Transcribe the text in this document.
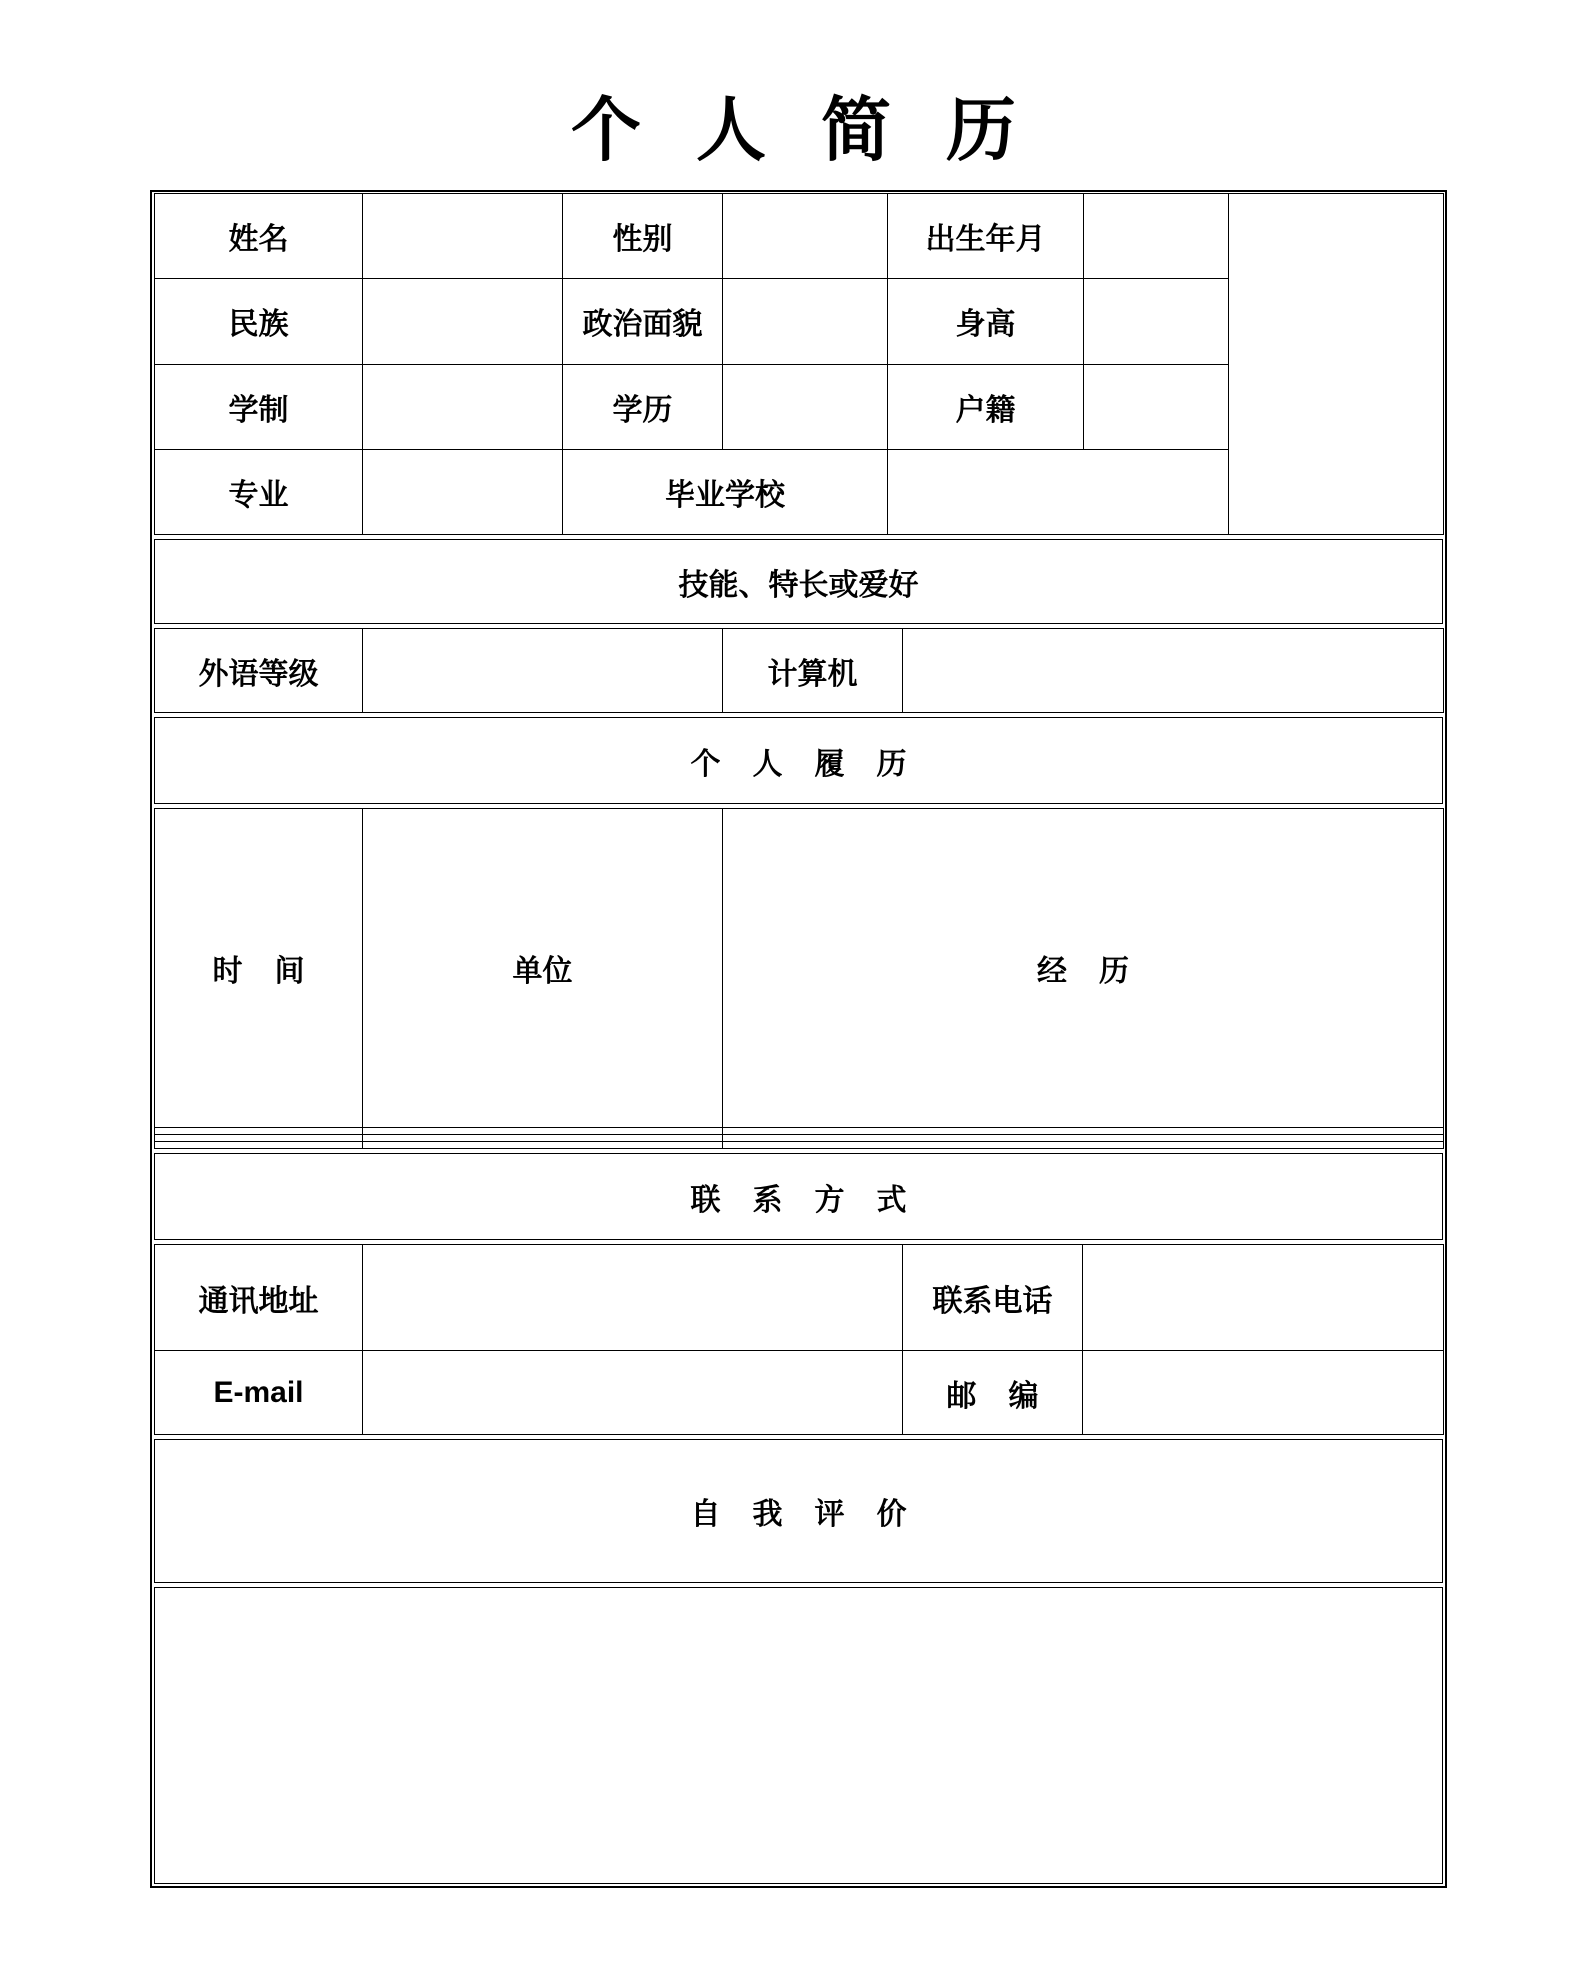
个人简历
姓名		性别		出生年月		
民族		政治面貌		身高		
学制		学历		户籍		
专业		毕业学校				
技能、特长或爱好
外语等级		计算机	
个人履历
时间	单位	经历

联系方式
通讯地址		联系电话	
E-mail		邮编	
自我评价
